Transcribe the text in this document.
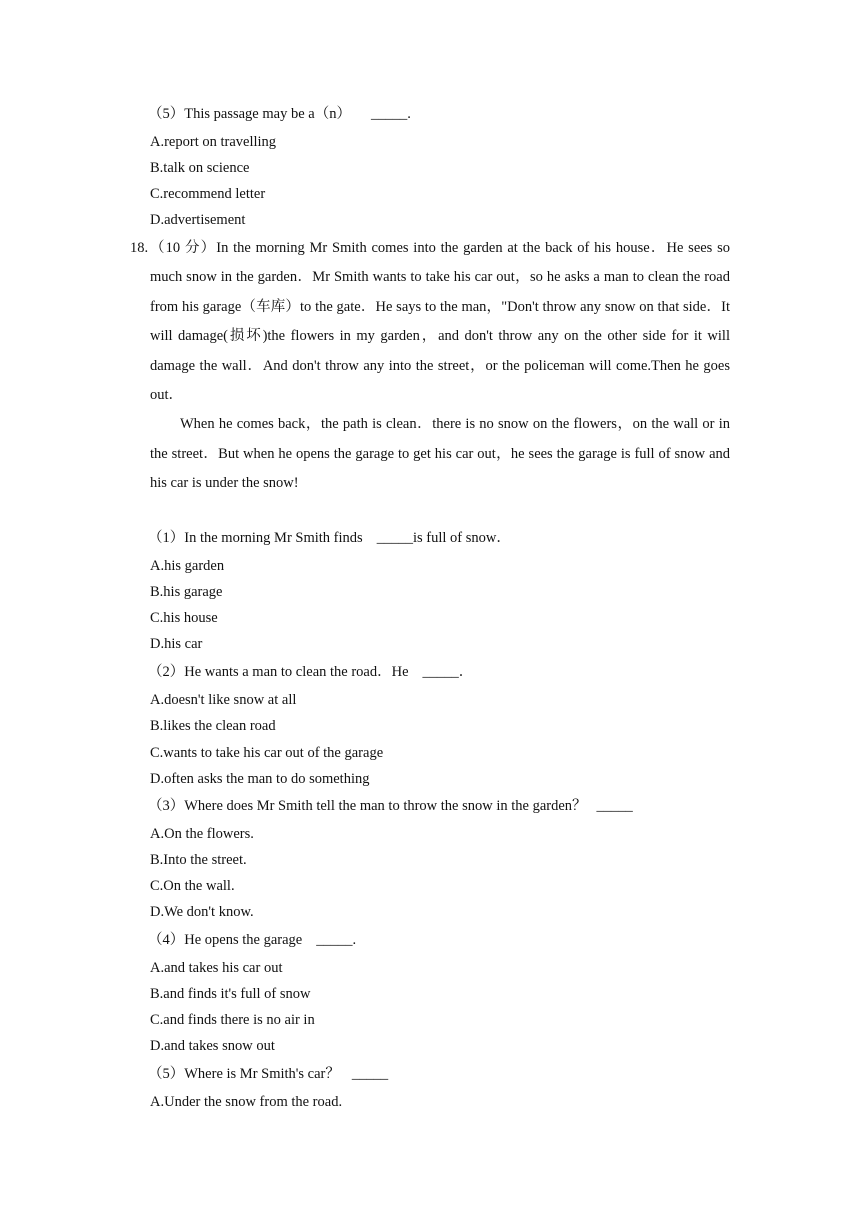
（5）This passage may be a（n） _____.
A.report on travelling
B.talk on science
C.recommend letter
D.advertisement
18. （10 分）In the morning Mr Smith comes into the garden at the back of his house．He sees so much snow in the garden．Mr Smith wants to take his car out，so he asks a man to clean the road from his garage（车库）to the gate．He says to the man，"Don't throw any snow on that side．It will damage(损坏)the flowers in my garden，and don't throw any on the other side for it will damage the wall．And don't throw any into the street，or the policeman will come.Then he goes out．

When he comes back，the path is clean．there is no snow on the flowers，on the wall or in the street．But when he opens the garage to get his car out，he sees the garage is full of snow and his car is under the snow!

（1）In the morning Mr Smith finds _____is full of snow．
A.his garden
B.his garage
C.his house
D.his car
（2）He wants a man to clean the road．He _____．
A.doesn't like snow at all
B.likes the clean road
C.wants to take his car out of the garage
D.often asks the man to do something
（3）Where does Mr Smith tell the man to throw the snow in the garden？ _____
A.On the flowers.
B.Into the street.
C.On the wall.
D.We don't know.
（4）He opens the garage _____.
A.and takes his car out
B.and finds it's full of snow
C.and finds there is no air in
D.and takes snow out
（5）Where is Mr Smith's car？ _____
A.Under the snow from the road.
